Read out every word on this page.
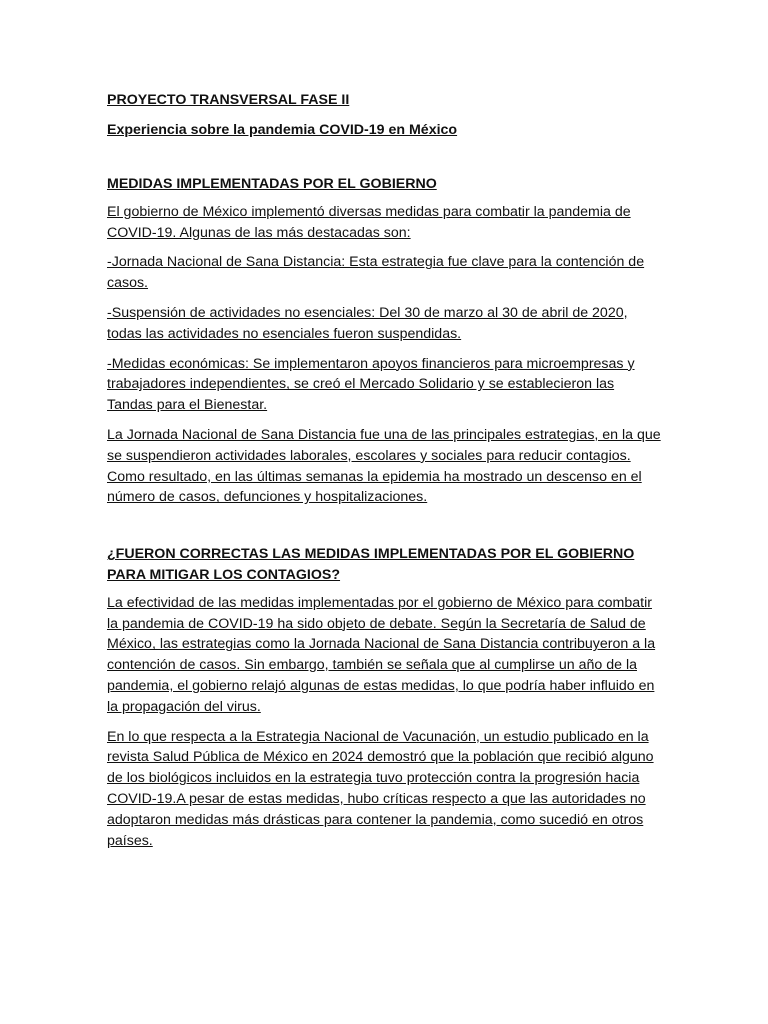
PROYECTO TRANSVERSAL FASE II
Experiencia sobre la pandemia COVID-19 en México
MEDIDAS IMPLEMENTADAS POR EL GOBIERNO

El gobierno de México implementó diversas medidas para combatir la pandemia de COVID-19. Algunas de las más destacadas son:

-Jornada Nacional de Sana Distancia: Esta estrategia fue clave para la contención de casos.

-Suspensión de actividades no esenciales: Del 30 de marzo al 30 de abril de 2020, todas las actividades no esenciales fueron suspendidas.

-Medidas económicas: Se implementaron apoyos financieros para microempresas y trabajadores independientes, se creó el Mercado Solidario y se establecieron las Tandas para el Bienestar.

La Jornada Nacional de Sana Distancia fue una de las principales estrategias, en la que se suspendieron actividades laborales, escolares y sociales para reducir contagios. Como resultado, en las últimas semanas la epidemia ha mostrado un descenso en el número de casos, defunciones y hospitalizaciones.

¿FUERON CORRECTAS LAS MEDIDAS IMPLEMENTADAS POR EL GOBIERNO PARA MITIGAR LOS CONTAGIOS?

La efectividad de las medidas implementadas por el gobierno de México para combatir la pandemia de COVID-19 ha sido objeto de debate. Según la Secretaría de Salud de México, las estrategias como la Jornada Nacional de Sana Distancia contribuyeron a la contención de casos. Sin embargo, también se señala que al cumplirse un año de la pandemia, el gobierno relajó algunas de estas medidas, lo que podría haber influido en la propagación del virus.

En lo que respecta a la Estrategia Nacional de Vacunación, un estudio publicado en la revista Salud Pública de México en 2024 demostró que la población que recibió alguno de los biológicos incluidos en la estrategia tuvo protección contra la progresión hacia COVID-19.A pesar de estas medidas, hubo críticas respecto a que las autoridades no adoptaron medidas más drásticas para contener la pandemia, como sucedió en otros países.
